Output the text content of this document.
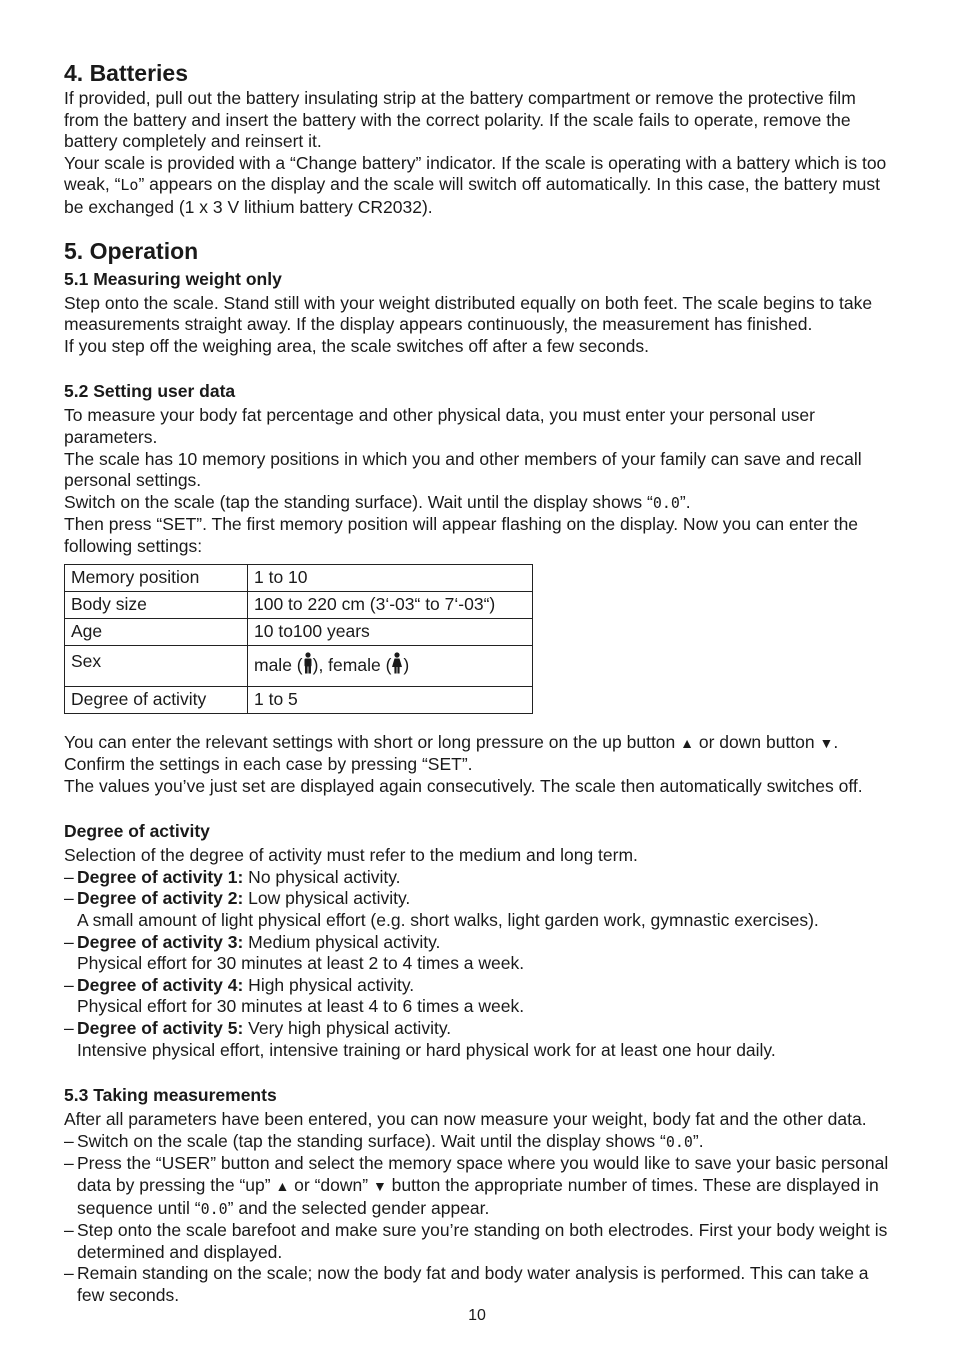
4. Batteries

If provided, pull out the battery insulating strip at the battery compartment or remove the protective film from the battery and insert the battery with the correct polarity. If the scale fails to operate, remove the battery completely and reinsert it.

Your scale is provided with a “Change battery” indicator. If the scale is operating with a battery which is too weak, “Lo” appears on the display and the scale will switch off automatically. In this case, the battery must be exchanged (1 x 3 V lithium battery CR2032).

5. Operation
5.1 Measuring weight only

Step onto the scale. Stand still with your weight distributed equally on both feet. The scale begins to take measurements straight away. If the display appears continuously, the measurement has finished.

If you step off the weighing area, the scale switches off after a few seconds.

5.2 Setting user data

To measure your body fat percentage and other physical data, you must enter your personal user parameters.

The scale has 10 memory positions in which you and other members of your family can save and recall personal settings.

Switch on the scale (tap the standing surface). Wait until the display shows “0.0”.

Then press “SET”. The first memory position will appear flashing on the display. Now you can enter the following settings:

Memory position	1 to 10
Body size	100 to 220 cm (3‘-03“ to 7‘-03“)
Age	10 to100 years
Sex	male ( ), female ( )
Degree of activity	1 to 5

You can enter the relevant settings with short or long pressure on the up button ▲ or down button ▼.

Confirm the settings in each case by pressing “SET”.

The values you’ve just set are displayed again consecutively. The scale then automatically switches off.

Degree of activity

Selection of the degree of activity must refer to the medium and long term.

– Degree of activity 1: No physical activity.
– Degree of activity 2: Low physical activity.
A small amount of light physical effort (e.g. short walks, light garden work, gymnastic exercises).
– Degree of activity 3: Medium physical activity.
Physical effort for 30 minutes at least 2 to 4 times a week.
– Degree of activity 4: High physical activity.
Physical effort for 30 minutes at least 4 to 6 times a week.
– Degree of activity 5: Very high physical activity.
Intensive physical effort, intensive training or hard physical work for at least one hour daily.
5.3 Taking measurements

After all parameters have been entered, you can now measure your weight, body fat and the other data.

– Switch on the scale (tap the standing surface). Wait until the display shows “0.0”.
– Press the “USER” button and select the memory space where you would like to save your basic personal data by pressing the “up” ▲ or “down” ▼ button the appropriate number of times. These are displayed in sequence until “0.0” and the selected gender appear.
– Step onto the scale barefoot and make sure you’re standing on both electrodes. First your body weight is determined and displayed.
– Remain standing on the scale; now the body fat and body water analysis is performed. This can take a few seconds.
10
